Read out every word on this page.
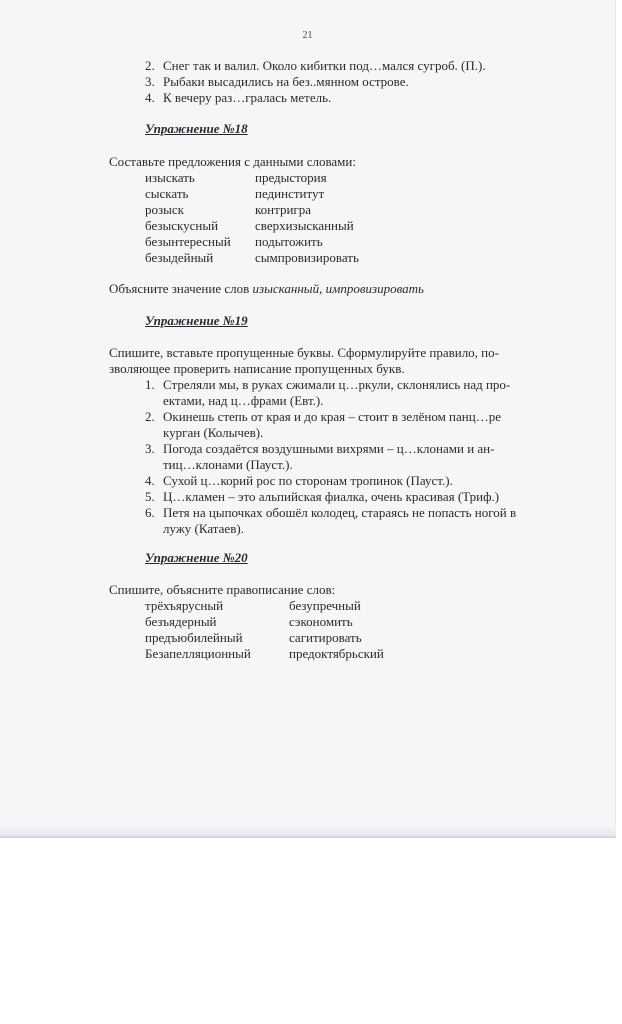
21
2. Снег так и валил. Около кибитки под…мался сугроб. (П.).
3. Рыбаки высадились на без..мянном острове.
4. К вечеру раз…гралась метель.
Упражнение №18
Составьте предложения с данными словами:
изыскать
сыскать
розыск
безыскусный
безынтересный
безыдейный
предыстория
пединститут
контригра
сверхизысканный
подытожить
сымпровизировать
Объясните значение слов изысканный, импровизировать
Упражнение №19
Спишите, вставьте пропущенные буквы. Сформулируйте правило, по-
зволяющее проверить написание пропущенных букв.
1. Стреляли мы, в руках сжимали ц…ркули, склонялись над про-
ектами, над ц…фрами (Евт.).
2. Окинешь степь от края и до края – стоит в зелёном панц…ре
курган (Колычев).
3. Погода создаётся воздушными вихрями – ц…клонами и ан-
тиц…клонами (Пауст.).
4. Сухой ц…корий рос по сторонам тропинок (Пауст.).
5. Ц…кламен – это альпийская фиалка, очень красивая (Триф.)
6. Петя на цыпочках обошёл колодец, стараясь не попасть ногой в
лужу (Катаев).
Упражнение №20
Спишите, объясните правописание слов:
трёхъярусный
безъядерный
предъюбилейный
Безапелляционный
безупречный
сэкономить
сагитировать
предоктябрьский
